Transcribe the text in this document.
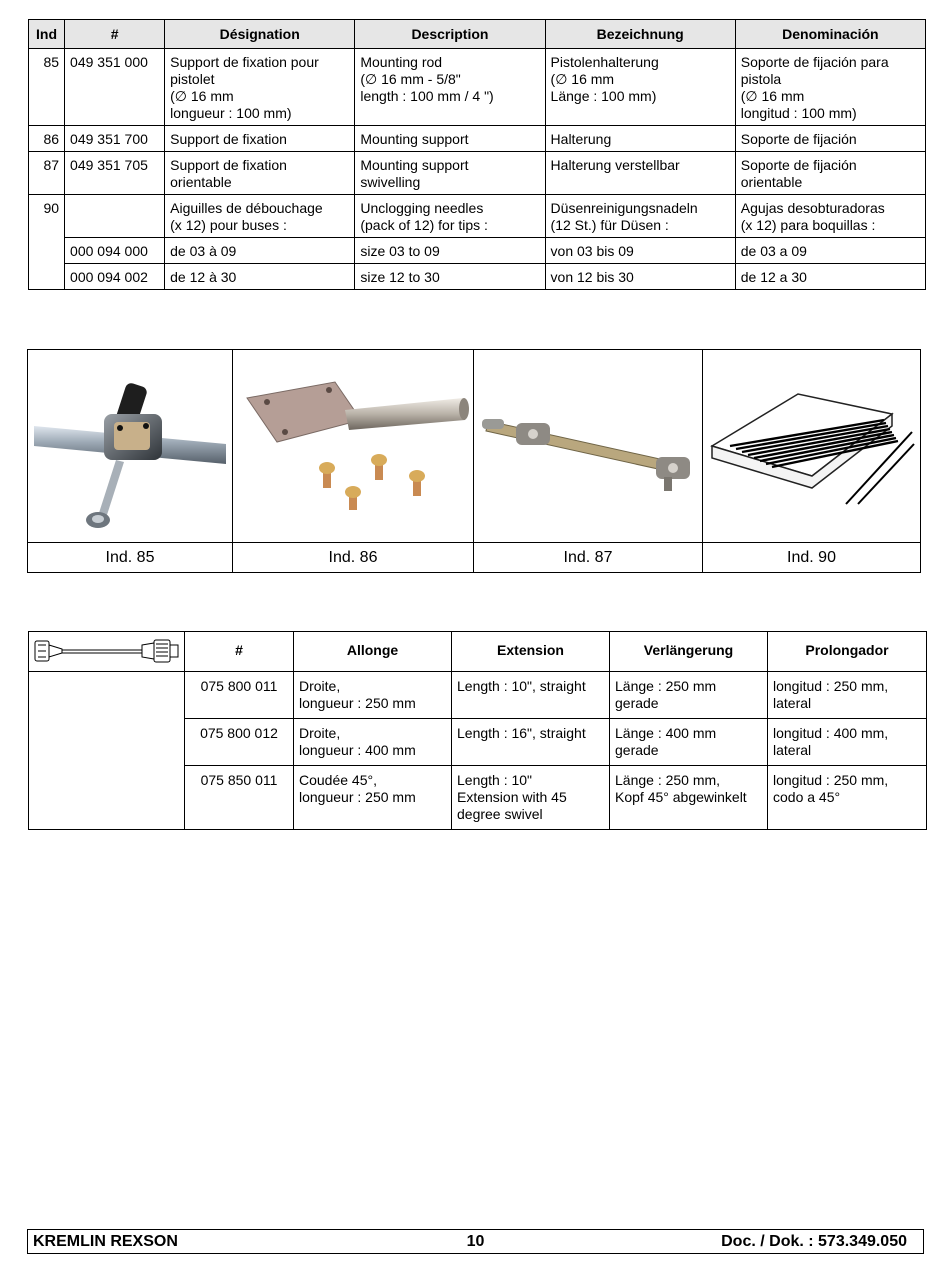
Ind	#	Désignation	Description	Bezeichnung	Denominación
85	049 351 000	Support de fixation pour
pistolet
(∅ 16 mm
longueur : 100 mm)	Mounting rod
(∅ 16 mm - 5/8"
length : 100 mm / 4 ")	Pistolenhalterung
(∅ 16 mm
Länge : 100 mm)	Soporte de fijación para
pistola
(∅ 16 mm
longitud : 100 mm)
86	049 351 700	Support de fixation	Mounting support	Halterung	Soporte de fijación
87	049 351 705	Support de fixation
orientable	Mounting support
swivelling	Halterung verstellbar	Soporte de fijación
orientable
90		Aiguilles de débouchage
(x 12) pour buses :	Unclogging needles
(pack of 12) for tips :	Düsenreinigungsnadeln
(12 St.) für Düsen :	Agujas desobturadoras
(x 12) para boquillas :
	000 094 000	de 03 à 09	size 03 to 09	von 03 bis 09	de 03 a 09
	000 094 002	de 12 à 30	size 12 to 30	von 12 bis 30	de 12 a 30

Ind. 85	Ind. 86	Ind. 87	Ind. 90
	#	Allonge	Extension	Verlängerung	Prolongador
	075 800 011	Droite,
longueur : 250 mm	Length : 10", straight	Länge : 250 mm
gerade	longitud : 250 mm,
lateral
	075 800 012	Droite,
longueur : 400 mm	Length : 16", straight	Länge : 400 mm
gerade	longitud : 400 mm,
lateral
	075 850 011	Coudée 45°,
longueur : 250 mm	Length : 10"
Extension with 45
degree swivel	Länge : 250 mm,
Kopf 45° abgewinkelt	longitud : 250 mm,
codo a 45°
KREMLIN REXSON	10	Doc. / Dok. : 573.349.050
